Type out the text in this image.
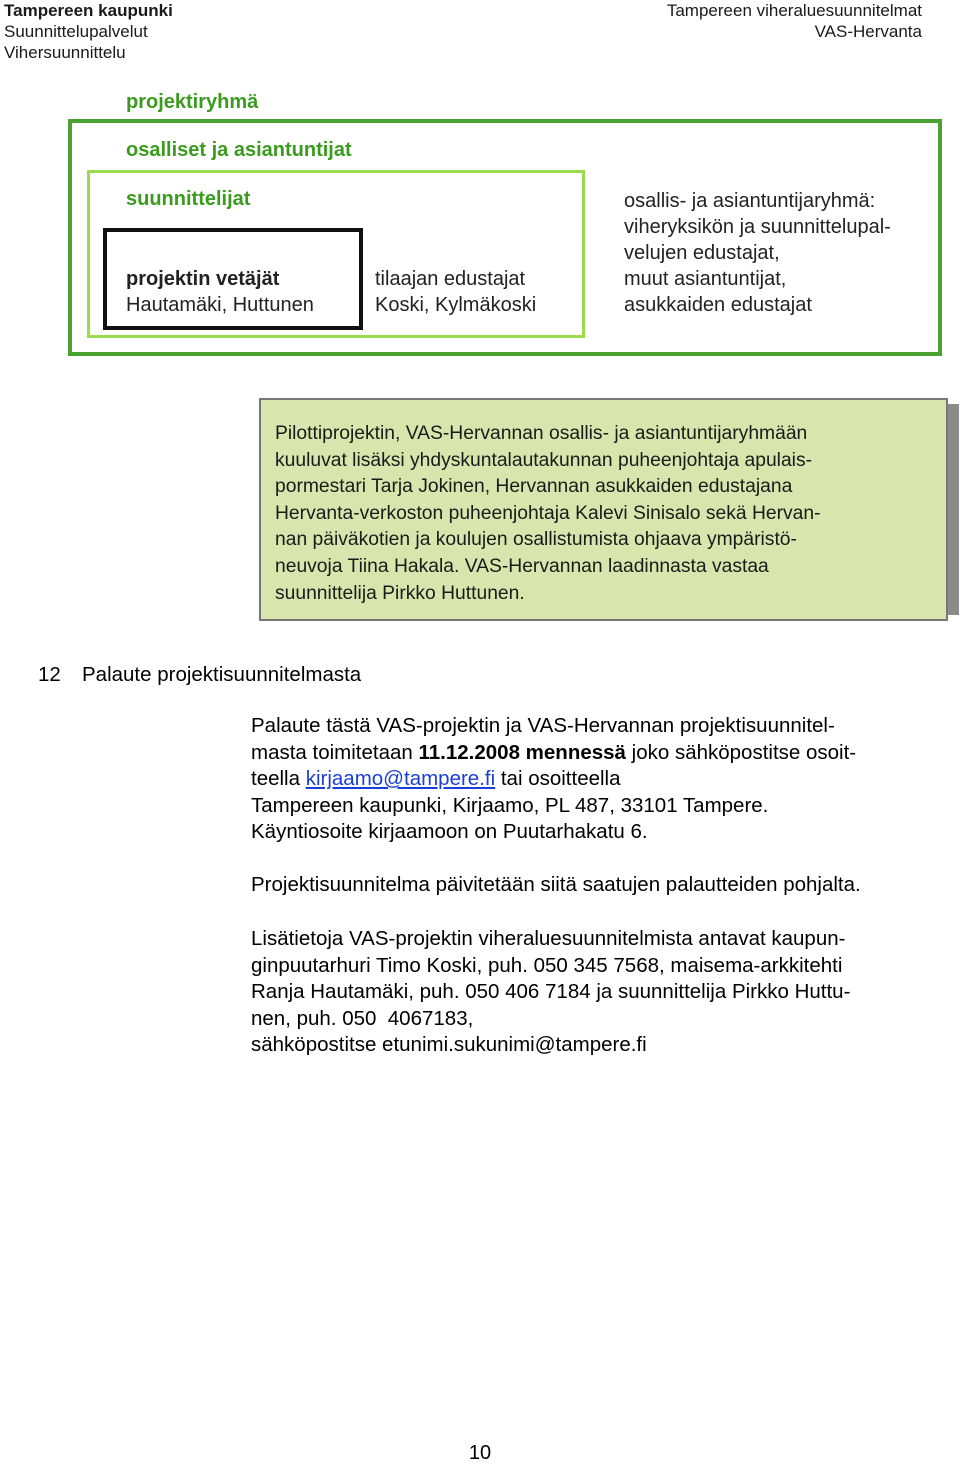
Tampereen kaupunki
Suunnittelupalvelut
Vihersuunnittelu
Tampereen viheraluesuunnitelmat
VAS-Hervanta
projektiryhmä
osalliset ja asiantuntijat
suunnittelijat
projektin vetäjät
Hautamäki, Huttunen
tilaajan edustajat
Koski, Kylmäkoski
osallis- ja asiantuntijaryhmä:
viheryksikön ja suunnittelupal-
velujen edustajat,
muut asiantuntijat,
asukkaiden edustajat

Pilottiprojektin, VAS-Hervannan osallis- ja asiantuntijaryhmään

kuuluvat lisäksi yhdyskuntalautakunnan puheenjohtaja apulais-

pormestari Tarja Jokinen, Hervannan asukkaiden edustajana

Hervanta-verkoston puheenjohtaja Kalevi Sinisalo sekä Hervan-

nan päiväkotien ja koulujen osallistumista ohjaava ympäristö-

neuvoja Tiina Hakala. VAS-Hervannan laadinnasta vastaa

suunnittelija Pirkko Huttunen.

12 Palaute projektisuunnitelmasta

Palaute tästä VAS-projektin ja VAS-Hervannan projektisuunnitel-

masta toimitetaan 11.12.2008 mennessä joko sähköpostitse osoit-

teella kirjaamo@tampere.fi tai osoitteella

Tampereen kaupunki, Kirjaamo, PL 487, 33101 Tampere.

Käyntiosoite kirjaamoon on Puutarhakatu 6.

Projektisuunnitelma päivitetään siitä saatujen palautteiden pohjalta.

Lisätietoja VAS-projektin viheraluesuunnitelmista antavat kaupun-

ginpuutarhuri Timo Koski, puh. 050 345 7568, maisema-arkkitehti

Ranja Hautamäki, puh. 050 406 7184 ja suunnittelija Pirkko Huttu-

nen, puh. 050  4067183,

sähköpostitse etunimi.sukunimi@tampere.fi

10
